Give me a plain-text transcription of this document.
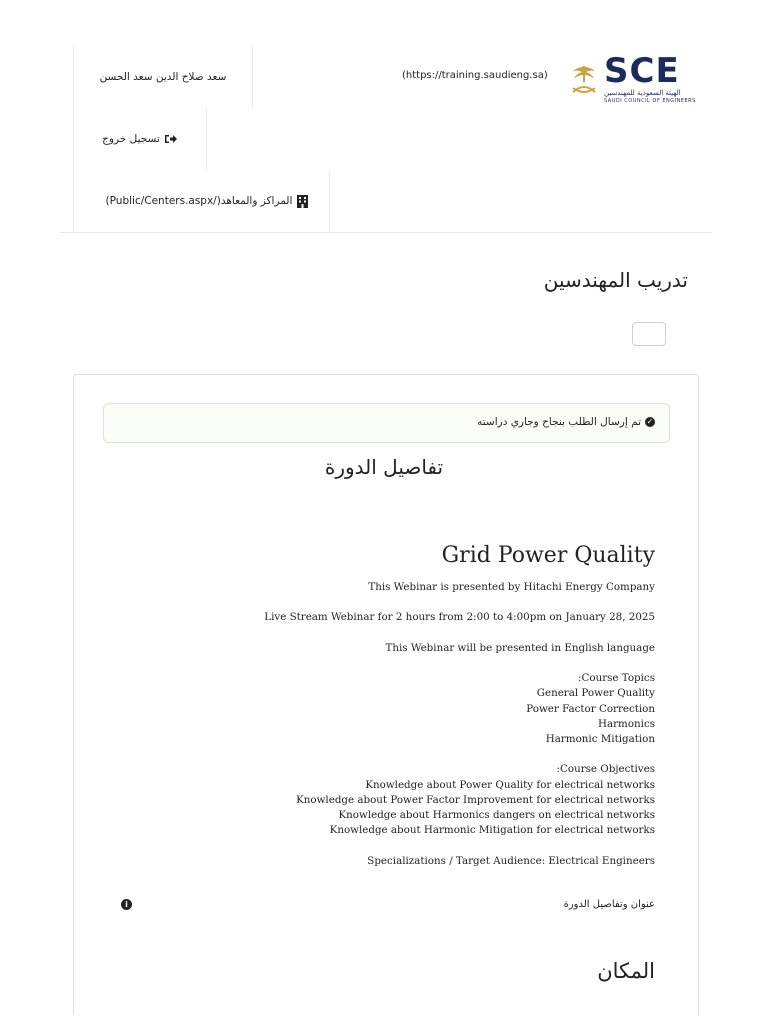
SCE
الهيئة السعودية للمهندسين
SAUDI COUNCIL OF ENGINEERS
(https://training.saudieng.sa)
سعد صلاح الدين سعد الحسن
تسجيل خروج
(Public/Centers.aspx/) المراكز والمعاهد
تدريب المهندسين
تم إرسال الطلب بنجاح وجاري دراسته ✓
تفاصيل الدورة
Grid Power Quality

This Webinar is presented by Hitachi Energy Company

Live Stream Webinar for 2 hours from 2:00 to 4:00pm on January 28, 2025

This Webinar will be presented in English language

:Course Topics

General Power Quality

Power Factor Correction

Harmonics

Harmonic Mitigation

:Course Objectives

Knowledge about Power Quality for electrical networks

Knowledge about Power Factor Improvement for electrical networks

Knowledge about Harmonics dangers on electrical networks

Knowledge about Harmonic Mitigation for electrical networks

Specializations / Target Audience: Electrical Engineers

عنوان وتفاصيل الدورة
i
المكان
